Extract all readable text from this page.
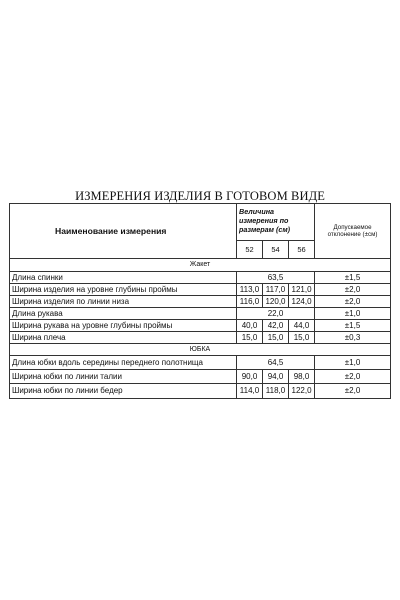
ИЗМЕРЕНИЯ ИЗДЕЛИЯ В ГОТОВОМ ВИДЕ
Наименование измерения	Величина измерения по размерам (см)			Допускаемое отклонение (±см)
	52	54	56	
Жакет				
Длина спинки	63,5			±1,5
Ширина изделия на уровне глубины проймы	113,0	117,0	121,0	±2,0
Ширина изделия по линии низа	116,0	120,0	124,0	±2,0
Длина рукава	22,0			±1,0
Ширина рукава на уровне глубины проймы	40,0	42,0	44,0	±1,5
Ширина плеча	15,0	15,0	15,0	±0,3
ЮБКА				
Длина юбки вдоль середины переднего полотнища	64,5			±1,0
Ширина юбки по линии талии	90,0	94,0	98,0	±2,0
Ширина юбки по линии бедер	114,0	118,0	122,0	±2,0
